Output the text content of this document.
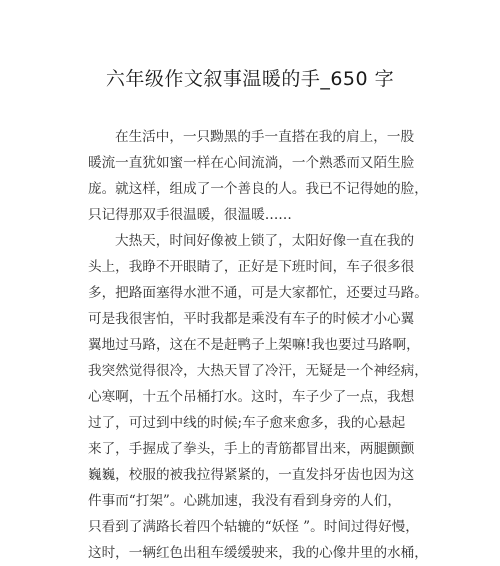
六年级作文叙事温暖的手_650 字
在生活中，一只黝黑的手一直搭在我的肩上，一股
暖流一直犹如蜜一样在心间流淌，一个熟悉而又陌生脸
庞。就这样，组成了一个善良的人。我已不记得她的脸，
只记得那双手很温暖，很温暖……
大热天，时间好像被上锁了，太阳好像一直在我的
头上，我睁不开眼睛了，正好是下班时间，车子很多很
多，把路面塞得水泄不通，可是大家都忙，还要过马路。
可是我很害怕，平时我都是乘没有车子的时候才小心翼
翼地过马路，这在不是赶鸭子上架嘛!我也要过马路啊，
我突然觉得很冷，大热天冒了冷汗，无疑是一个神经病，
心寒啊，十五个吊桶打水。这时，车子少了一点，我想
过了，可过到中线的时候;车子愈来愈多，我的心悬起
来了，手握成了拳头，手上的青筋都冒出来，两腿颤颤
巍巍，校服的被我拉得紧紧的，一直发抖牙齿也因为这
件事而“打架”。心跳加速，我没有看到身旁的人们，
只看到了满路长着四个轱辘的“妖怪 ”。时间过得好慢，
这时，一辆红色出租车缓缓驶来，我的心像井里的水桶，
